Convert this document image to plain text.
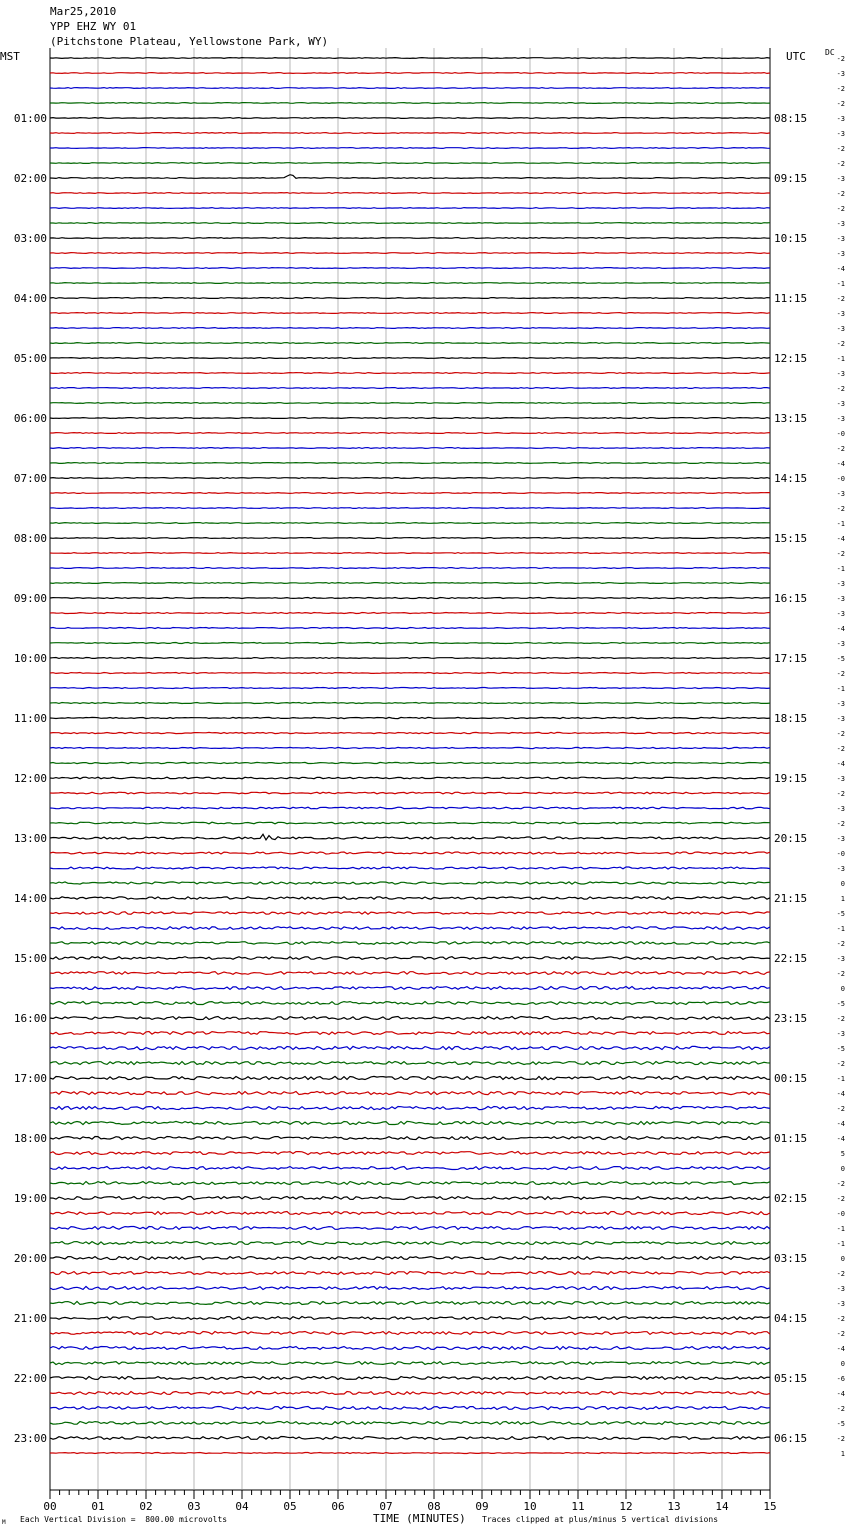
Mar25,2010
YPP EHZ WY 01
(Pitchstone Plateau, Yellowstone Park, WY)
MST	UTC DC
00	01	02	03	04	05	06	07	08	09	10	11	12	13	14	15
01:00
02:00
03:00
04:00
05:00
06:00
07:00
08:00
09:00
10:00
11:00
12:00
13:00
14:00
15:00
16:00
17:00
18:00
19:00
20:00
21:00
22:00
23:00
08:15
09:15
10:15
11:15
12:15
13:15
14:15
15:15
16:15
17:15
18:15
19:15
20:15
21:15
22:15
23:15
00:15
01:15
02:15
03:15
04:15
05:15
06:15
-2
-3
-2
-2
-3
-3
-2
-2
-3
-2
-2
-3
-3
-3
-4
-1
-2
-3
-3
-2
-1
-3
-2
-3
-3
-0
-2
-4
-0
-3
-2
-1
-4
-2
-1
-3
-3
-3
-4
-3
-5
-2
-1
-3
-3
-2
-2
-4
-3
-2
-3
-2
-3
-0
-3
0
1
-5
-1
-2
-3
-2
0
-5
-2
-3
-5
-2
-1
-4
-2
-4
-4
5
0
-2
-2
-0
-1
-1
0
-2
-3
-3
-2
-2
-4
0
-6
-4
-2
-5
-2
1
M Each Vertical Division =  800.00 microvolts	TIME (MINUTES) Traces clipped at plus/minus 5 vertical divisions
